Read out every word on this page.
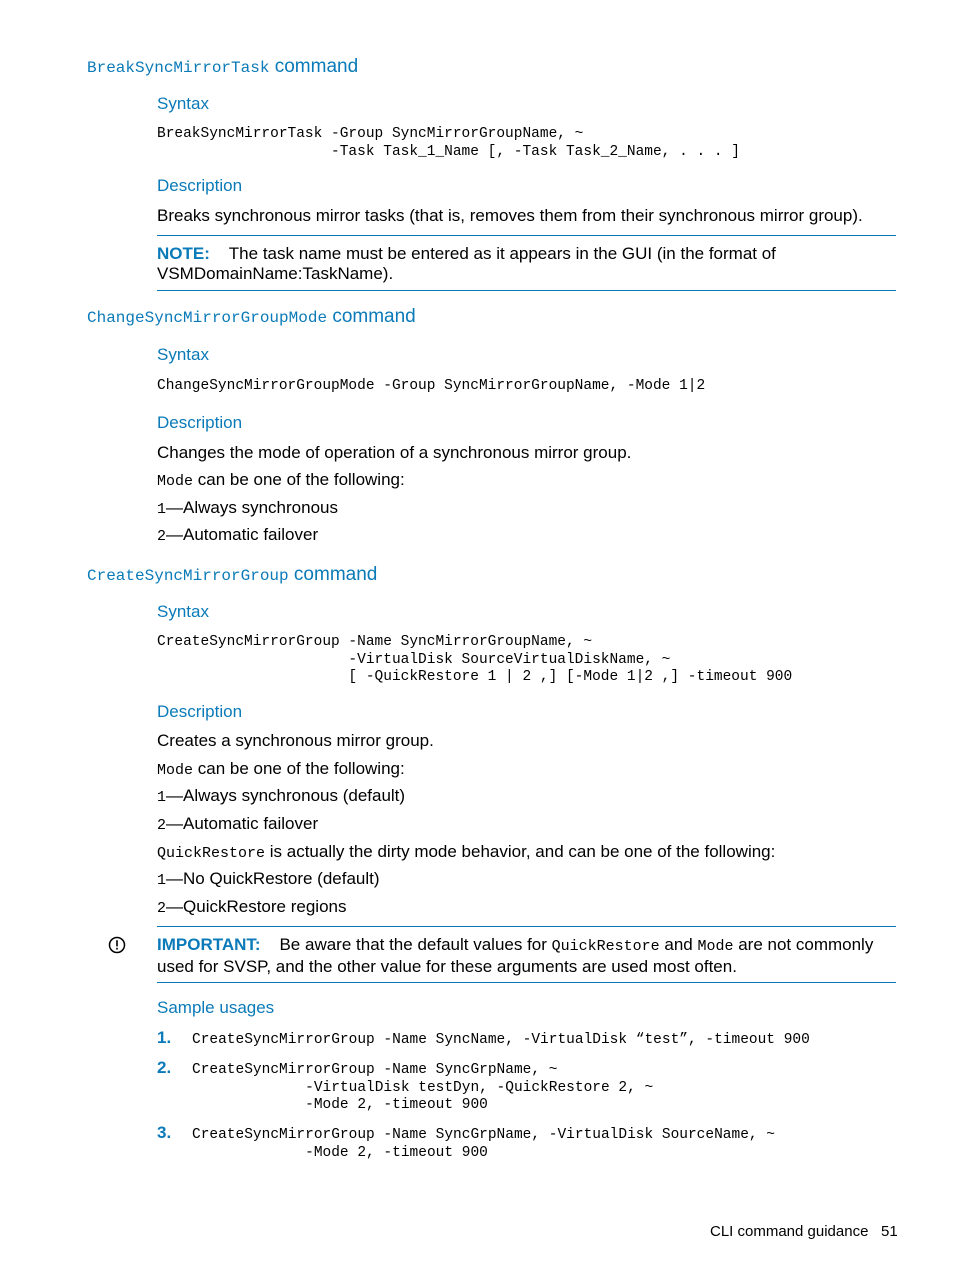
BreakSyncMirrorTask command
Syntax
BreakSyncMirrorTask -Group SyncMirrorGroupName, ~
-Task Task_1_Name [, -Task Task_2_Name, . . . ]
Description
Breaks synchronous mirror tasks (that is, removes them from their synchronous mirror group).
NOTE: The task name must be entered as it appears in the GUI (in the format of
VSMDomainName:TaskName).
ChangeSyncMirrorGroupMode command
Syntax
ChangeSyncMirrorGroupMode -Group SyncMirrorGroupName, -Mode 1|2
Description
Changes the mode of operation of a synchronous mirror group.
Mode can be one of the following:
1—Always synchronous
2—Automatic failover
CreateSyncMirrorGroup command
Syntax
CreateSyncMirrorGroup -Name SyncMirrorGroupName, ~
-VirtualDisk SourceVirtualDiskName, ~
[ -QuickRestore 1 | 2 ,] [-Mode 1|2 ,] -timeout 900
Description
Creates a synchronous mirror group.
Mode can be one of the following:
1—Always synchronous (default)
2—Automatic failover
QuickRestore is actually the dirty mode behavior, and can be one of the following:
1—No QuickRestore (default)
2—QuickRestore regions
IMPORTANT: Be aware that the default values for QuickRestore and Mode are not commonly
used for SVSP, and the other value for these arguments are used most often.
Sample usages
1. CreateSyncMirrorGroup -Name SyncName, -VirtualDisk “test”, -timeout 900
2. CreateSyncMirrorGroup -Name SyncGrpName, ~
-VirtualDisk testDyn, -QuickRestore 2, ~
-Mode 2, -timeout 900
3. CreateSyncMirrorGroup -Name SyncGrpName, -VirtualDisk SourceName, ~
-Mode 2, -timeout 900
CLI command guidance 51
